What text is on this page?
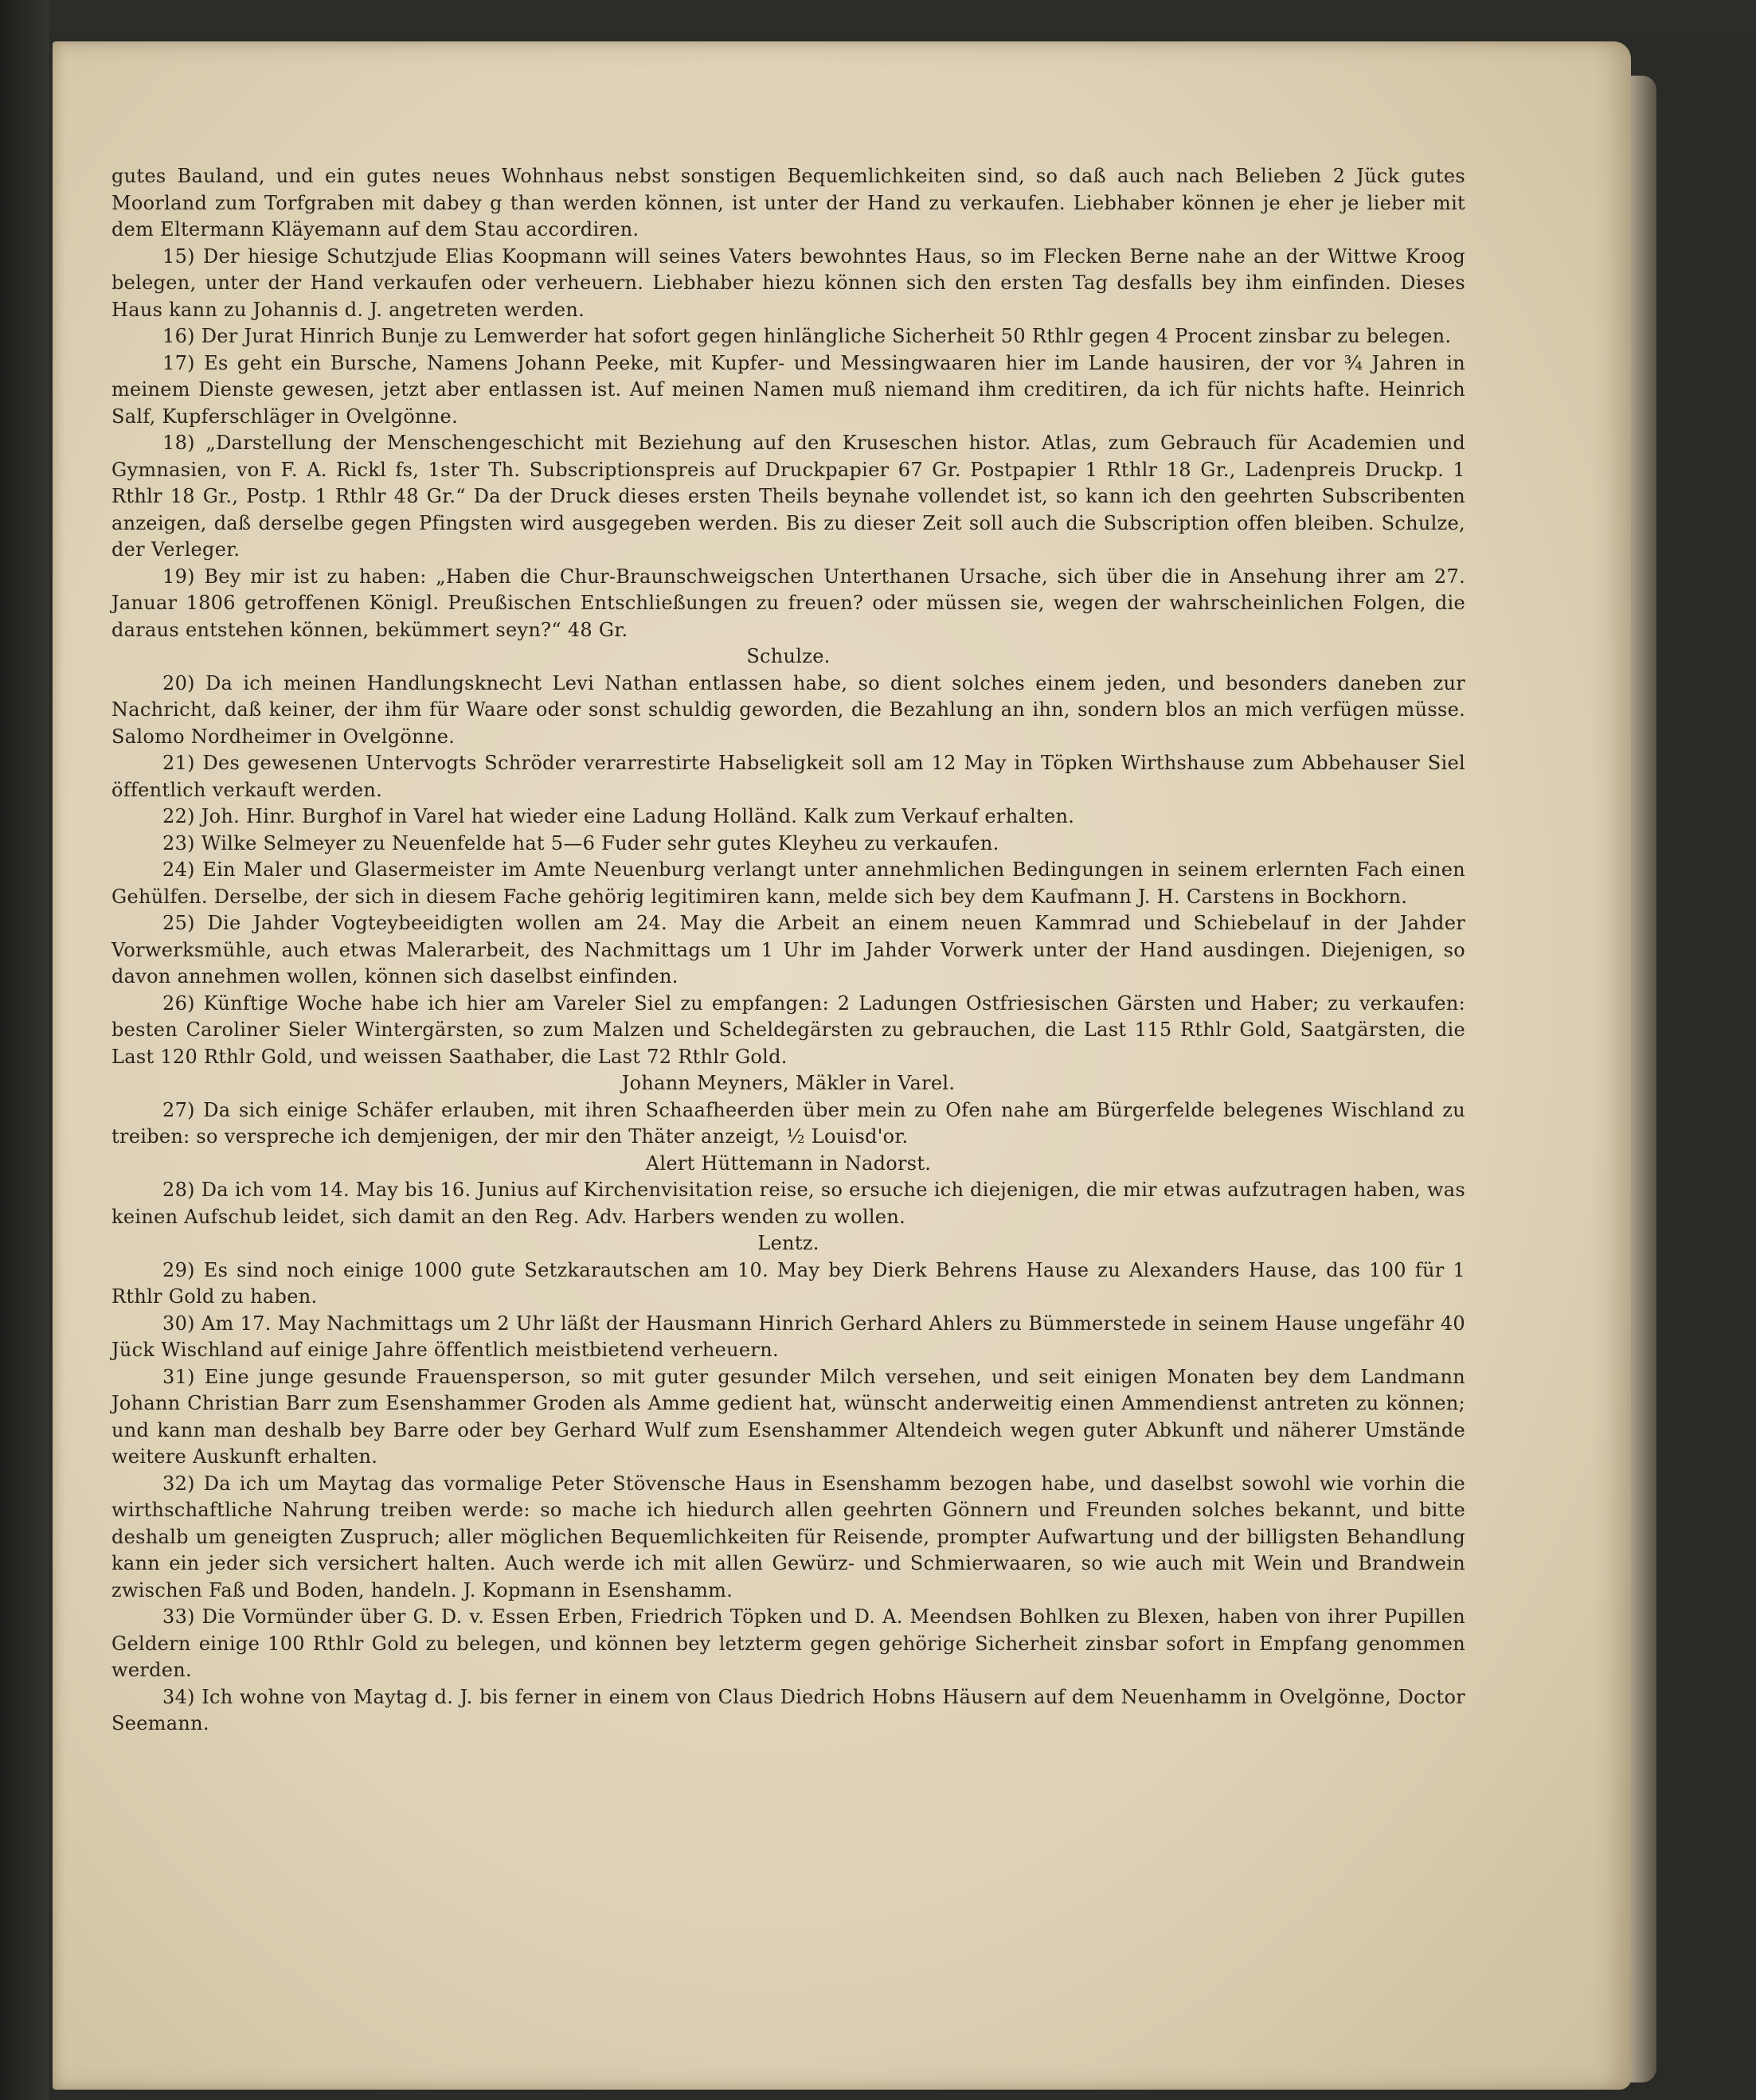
gutes Bauland, und ein gutes neues Wohnhaus nebst sonstigen Bequemlichkeiten sind, so daß auch nach Belieben 2 Jück gutes Moorland zum Torfgraben mit dabey g than werden können, ist unter der Hand zu verkaufen. Liebhaber können je eher je lieber mit dem Eltermann Kläyemann auf dem Stau accordiren.

15) Der hiesige Schutzjude Elias Koopmann will seines Vaters bewohntes Haus, so im Flecken Berne nahe an der Wittwe Kroog belegen, unter der Hand verkaufen oder verheuern. Liebhaber hiezu können sich den ersten Tag desfalls bey ihm einfinden. Dieses Haus kann zu Johannis d. J. angetreten werden.

16) Der Jurat Hinrich Bunje zu Lemwerder hat sofort gegen hinlängliche Sicherheit 50 Rthlr gegen 4 Procent zinsbar zu belegen.

17) Es geht ein Bursche, Namens Johann Peeke, mit Kupfer- und Messingwaaren hier im Lande hausiren, der vor ¾ Jahren in meinem Dienste gewesen, jetzt aber entlassen ist. Auf meinen Namen muß niemand ihm creditiren, da ich für nichts hafte. Heinrich Salf, Kupferschläger in Ovelgönne.

18) „Darstellung der Menschengeschicht mit Beziehung auf den Kruseschen histor. Atlas, zum Gebrauch für Academien und Gymnasien, von F. A. Rickl fs, 1ster Th. Subscriptionspreis auf Druckpapier 67 Gr. Postpapier 1 Rthlr 18 Gr., Ladenpreis Druckp. 1 Rthlr 18 Gr., Postp. 1 Rthlr 48 Gr.“ Da der Druck dieses ersten Theils beynahe vollendet ist, so kann ich den geehrten Subscribenten anzeigen, daß derselbe gegen Pfingsten wird ausgegeben werden. Bis zu dieser Zeit soll auch die Subscription offen bleiben. Schulze, der Verleger.

19) Bey mir ist zu haben: „Haben die Chur-Braunschweigschen Unterthanen Ursache, sich über die in Ansehung ihrer am 27. Januar 1806 getroffenen Königl. Preußischen Entschließungen zu freuen? oder müssen sie, wegen der wahrscheinlichen Folgen, die daraus entstehen können, bekümmert seyn?“ 48 Gr.

Schulze.

20) Da ich meinen Handlungsknecht Levi Nathan entlassen habe, so dient solches einem jeden, und besonders daneben zur Nachricht, daß keiner, der ihm für Waare oder sonst schuldig geworden, die Bezahlung an ihn, sondern blos an mich verfügen müsse. Salomo Nordheimer in Ovelgönne.

21) Des gewesenen Untervogts Schröder verarrestirte Habseligkeit soll am 12 May in Töpken Wirthshause zum Abbehauser Siel öffentlich verkauft werden.

22) Joh. Hinr. Burghof in Varel hat wieder eine Ladung Holländ. Kalk zum Verkauf erhalten.

23) Wilke Selmeyer zu Neuenfelde hat 5—6 Fuder sehr gutes Kleyheu zu verkaufen.

24) Ein Maler und Glasermeister im Amte Neuenburg verlangt unter annehmlichen Bedingungen in seinem erlernten Fach einen Gehülfen. Derselbe, der sich in diesem Fache gehörig legitimiren kann, melde sich bey dem Kaufmann J. H. Carstens in Bockhorn.

25) Die Jahder Vogteybeeidigten wollen am 24. May die Arbeit an einem neuen Kammrad und Schiebelauf in der Jahder Vorwerksmühle, auch etwas Malerarbeit, des Nachmittags um 1 Uhr im Jahder Vorwerk unter der Hand ausdingen. Diejenigen, so davon annehmen wollen, können sich daselbst einfinden.

26) Künftige Woche habe ich hier am Vareler Siel zu empfangen: 2 Ladungen Ostfriesischen Gärsten und Haber; zu verkaufen: besten Caroliner Sieler Wintergärsten, so zum Malzen und Scheldegärsten zu gebrauchen, die Last 115 Rthlr Gold, Saatgärsten, die Last 120 Rthlr Gold, und weissen Saathaber, die Last 72 Rthlr Gold.

Johann Meyners, Mäkler in Varel.

27) Da sich einige Schäfer erlauben, mit ihren Schaafheerden über mein zu Ofen nahe am Bürgerfelde belegenes Wischland zu treiben: so verspreche ich demjenigen, der mir den Thäter anzeigt, ½ Louisd'or.

Alert Hüttemann in Nadorst.

28) Da ich vom 14. May bis 16. Junius auf Kirchenvisitation reise, so ersuche ich diejenigen, die mir etwas aufzutragen haben, was keinen Aufschub leidet, sich damit an den Reg. Adv. Harbers wenden zu wollen.

Lentz.

29) Es sind noch einige 1000 gute Setzkarautschen am 10. May bey Dierk Behrens Hause zu Alexanders Hause, das 100 für 1 Rthlr Gold zu haben.

30) Am 17. May Nachmittags um 2 Uhr läßt der Hausmann Hinrich Gerhard Ahlers zu Bümmerstede in seinem Hause ungefähr 40 Jück Wischland auf einige Jahre öffentlich meistbietend verheuern.

31) Eine junge gesunde Frauensperson, so mit guter gesunder Milch versehen, und seit einigen Monaten bey dem Landmann Johann Christian Barr zum Esenshammer Groden als Amme gedient hat, wünscht anderweitig einen Ammendienst antreten zu können; und kann man deshalb bey Barre oder bey Gerhard Wulf zum Esenshammer Altendeich wegen guter Abkunft und näherer Umstände weitere Auskunft erhalten.

32) Da ich um Maytag das vormalige Peter Stövensche Haus in Esenshamm bezogen habe, und daselbst sowohl wie vorhin die wirthschaftliche Nahrung treiben werde: so mache ich hiedurch allen geehrten Gönnern und Freunden solches bekannt, und bitte deshalb um geneigten Zuspruch; aller möglichen Bequemlichkeiten für Reisende, prompter Aufwartung und der billigsten Behandlung kann ein jeder sich versichert halten. Auch werde ich mit allen Gewürz- und Schmierwaaren, so wie auch mit Wein und Brandwein zwischen Faß und Boden, handeln. J. Kopmann in Esenshamm.

33) Die Vormünder über G. D. v. Essen Erben, Friedrich Töpken und D. A. Meendsen Bohlken zu Blexen, haben von ihrer Pupillen Geldern einige 100 Rthlr Gold zu belegen, und können bey letzterm gegen gehörige Sicherheit zinsbar sofort in Empfang genommen werden.

34) Ich wohne von Maytag d. J. bis ferner in einem von Claus Diedrich Hobns Häusern auf dem Neuenhamm in Ovelgönne, Doctor Seemann.
